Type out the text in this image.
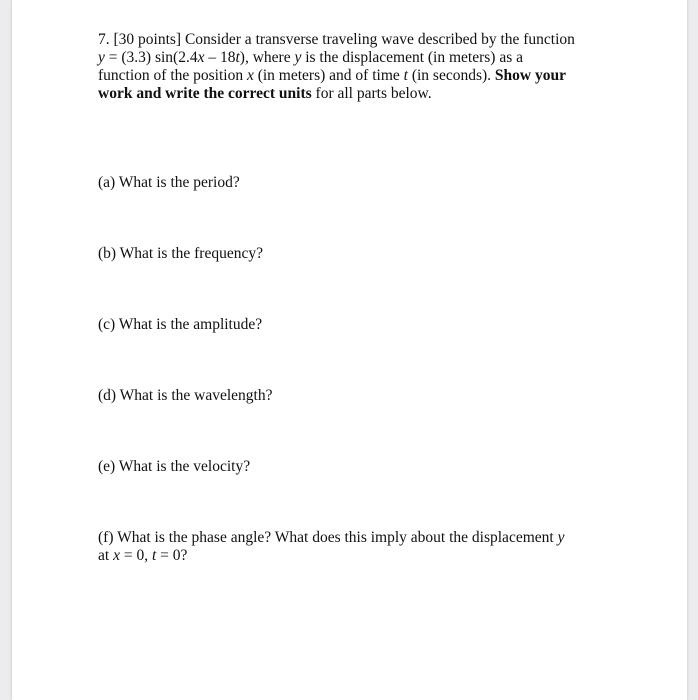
7. [30 points] Consider a transverse traveling wave described by the function
y = (3.3) sin(2.4x – 18t), where y is the displacement (in meters) as a
function of the position x (in meters) and of time t (in seconds). Show your
work and write the correct units for all parts below.

(a) What is the period?
(b) What is the frequency?
(c) What is the amplitude?
(d) What is the wavelength?
(e) What is the velocity?
(f) What is the phase angle? What does this imply about the displacement y
at x = 0, t = 0?
